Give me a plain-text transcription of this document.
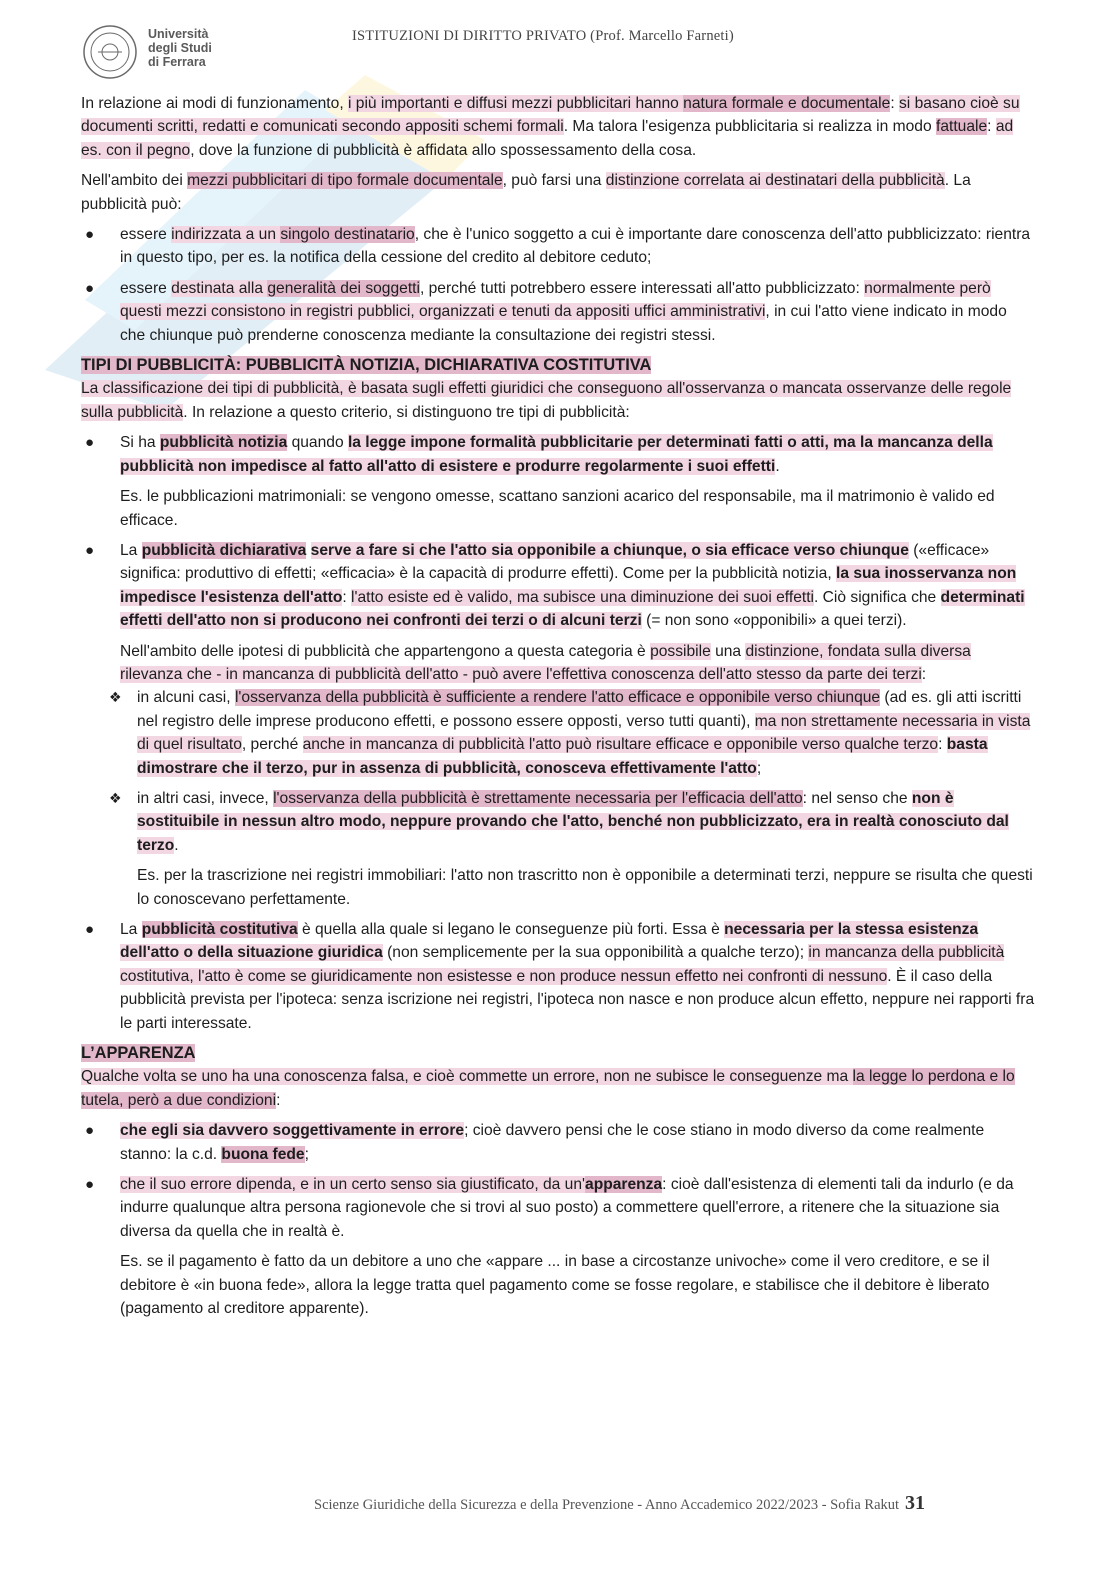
Università
degli Studi
di Ferrara
ISTITUZIONI DI DIRITTO PRIVATO (Prof. Marcello Farneti)

In relazione ai modi di funzionamento, i più importanti e diffusi mezzi pubblicitari hanno natura formale e documentale: si basano cioè su documenti scritti, redatti e comunicati secondo appositi schemi formali. Ma talora l'esigenza pubblicitaria si realizza in modo fattuale: ad es. con il pegno, dove la funzione di pubblicità è affidata allo spossessamento della cosa.

Nell'ambito dei mezzi pubblicitari di tipo formale documentale, può farsi una distinzione correlata ai destinatari della pubblicità. La pubblicità può:

● essere indirizzata a un singolo destinatario, che è l'unico soggetto a cui è importante dare conoscenza dell'atto pubblicizzato: rientra in questo tipo, per es. la notifica della cessione del credito al debitore ceduto;
● essere destinata alla generalità dei soggetti, perché tutti potrebbero essere interessati all'atto pubblicizzato: normalmente però questi mezzi consistono in registri pubblici, organizzati e tenuti da appositi uffici amministrativi, in cui l'atto viene indicato in modo che chiunque può prenderne conoscenza mediante la consultazione dei registri stessi.
TIPI DI PUBBLICITÀ: PUBBLICITÀ NOTIZIA, DICHIARATIVA COSTITUTIVA

La classificazione dei tipi di pubblicità, è basata sugli effetti giuridici che conseguono all'osservanza o mancata osservanze delle regole sulla pubblicità. In relazione a questo criterio, si distinguono tre tipi di pubblicità:

● Si ha pubblicità notizia quando la legge impone formalità pubblicitarie per determinati fatti o atti, ma la mancanza della pubblicità non impedisce al fatto all'atto di esistere e produrre regolarmente i suoi effetti.
Es. le pubblicazioni matrimoniali: se vengono omesse, scattano sanzioni acarico del responsabile, ma il matrimonio è valido ed efficace.
● La pubblicità dichiarativa serve a fare si che l'atto sia opponibile a chiunque, o sia efficace verso chiunque («efficace» significa: produttivo di effetti; «efficacia» è la capacità di produrre effetti). Come per la pubblicità notizia, la sua inosservanza non impedisce l'esistenza dell'atto: l'atto esiste ed è valido, ma subisce una diminuzione dei suoi effetti. Ciò significa che determinati effetti dell'atto non si producono nei confronti dei terzi o di alcuni terzi (= non sono «opponibili» a quei terzi).
Nell'ambito delle ipotesi di pubblicità che appartengono a questa categoria è possibile una distinzione, fondata sulla diversa rilevanza che - in mancanza di pubblicità dell'atto - può avere l'effettiva conoscenza dell'atto stesso da parte dei terzi:
❖ in alcuni casi, l'osservanza della pubblicità è sufficiente a rendere l'atto efficace e opponibile verso chiunque (ad es. gli atti iscritti nel registro delle imprese producono effetti, e possono essere opposti, verso tutti quanti), ma non strettamente necessaria in vista di quel risultato, perché anche in mancanza di pubblicità l'atto può risultare efficace e opponibile verso qualche terzo: basta dimostrare che il terzo, pur in assenza di pubblicità, conosceva effettivamente l'atto;
❖ in altri casi, invece, l'osservanza della pubblicità è strettamente necessaria per l'efficacia dell'atto: nel senso che non è sostituibile in nessun altro modo, neppure provando che l'atto, benché non pubblicizzato, era in realtà conosciuto dal terzo.
Es. per la trascrizione nei registri immobiliari: l'atto non trascritto non è opponibile a determinati terzi, neppure se risulta che questi lo conoscevano perfettamente.
● La pubblicità costitutiva è quella alla quale si legano le conseguenze più forti. Essa è necessaria per la stessa esistenza dell'atto o della situazione giuridica (non semplicemente per la sua opponibilità a qualche terzo); in mancanza della pubblicità costitutiva, l'atto è come se giuridicamente non esistesse e non produce nessun effetto nei confronti di nessuno. È il caso della pubblicità prevista per l'ipoteca: senza iscrizione nei registri, l'ipoteca non nasce e non produce alcun effetto, neppure nei rapporti fra le parti interessate.
L’APPARENZA

Qualche volta se uno ha una conoscenza falsa, e cioè commette un errore, non ne subisce le conseguenze ma la legge lo perdona e lo tutela, però a due condizioni:

● che egli sia davvero soggettivamente in errore; cioè davvero pensi che le cose stiano in modo diverso da come realmente stanno: la c.d. buona fede;
● che il suo errore dipenda, e in un certo senso sia giustificato, da un'apparenza: cioè dall'esistenza di elementi tali da indurlo (e da indurre qualunque altra persona ragionevole che si trovi al suo posto) a commettere quell'errore, a ritenere che la situazione sia diversa da quella che in realtà è.
Es. se il pagamento è fatto da un debitore a uno che «appare ... in base a circostanze univoche» come il vero creditore, e se il debitore è «in buona fede», allora la legge tratta quel pagamento come se fosse regolare, e stabilisce che il debitore è liberato (pagamento al creditore apparente).
Scienze Giuridiche della Sicurezza e della Prevenzione - Anno Accademico 2022/2023 - Sofia Rakut 31
